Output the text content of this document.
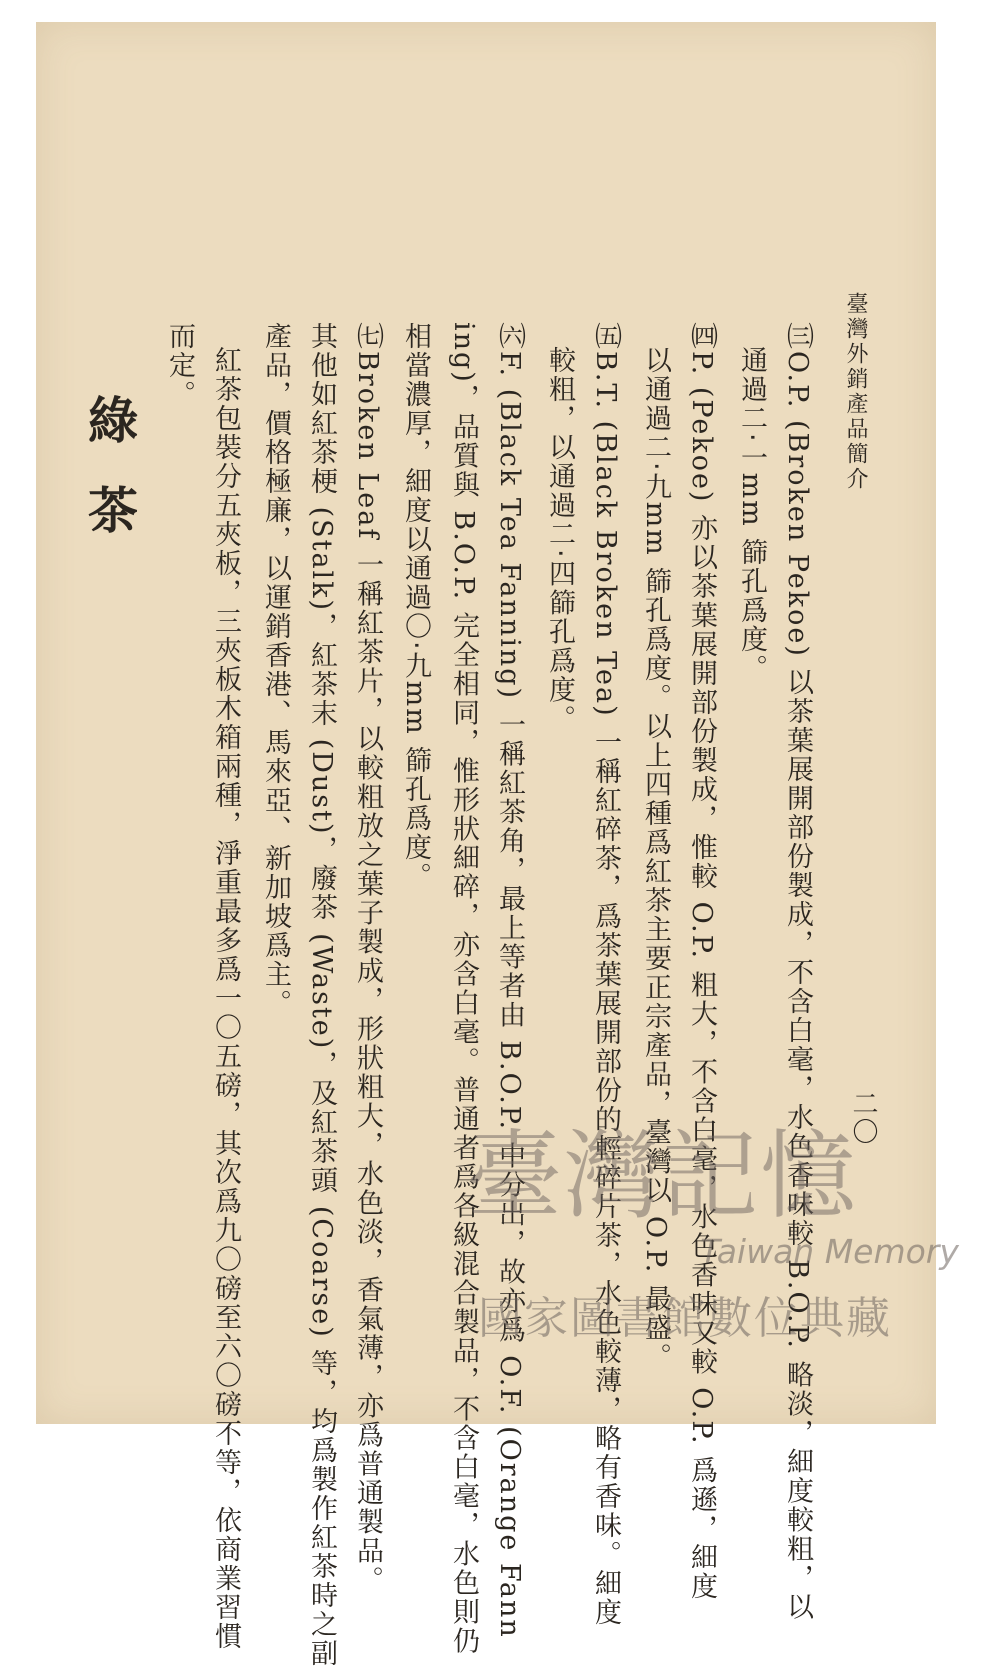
臺灣外銷產品簡介
二〇
㈢O.P. (Broken Pekoe) 以茶葉展開部份製成，不含白毫，水色香味較 B.O.P. 略淡，細度較粗，以
通過二‧一mm 篩孔爲度。
㈣P. (Pekoe) 亦以茶葉展開部份製成，惟較 O.P. 粗大，不含白毫，水色香味又較 O.P. 爲遜，細度
以通過二‧九mm 篩孔爲度。以上四種爲紅茶主要正宗產品，臺灣以 O.P. 最盛。
㈤B.T. (Black Broken Tea) 一稱紅碎茶，爲茶葉展開部份的輕碎片茶，水色較薄，略有香味。細度
較粗，以通過二‧四篩孔爲度。
㈥F. (Black Tea Fanning) 一稱紅茶角，最上等者由 B.O.P. 中分出，故亦爲 O.F. (Orange Fann
ing)，品質與 B.O.P. 完全相同，惟形狀細碎，亦含白毫。普通者爲各級混合製品，不含白毫，水色則仍
相當濃厚，細度以通過〇‧九mm 篩孔爲度。
㈦Broken Leaf 一稱紅茶片，以較粗放之葉子製成，形狀粗大，水色淡，香氣薄，亦爲普通製品。
其他如紅茶梗 (Stalk)，紅茶末 (Dust)，廢茶 (Waste)，及紅茶頭 (Coarse) 等，均爲製作紅茶時之副
產品，價格極廉，以運銷香港、馬來亞、新加坡爲主。
紅茶包裝分五夾板，三夾板木箱兩種，淨重最多爲一〇五磅，其次爲九〇磅至六〇磅不等，依商業習慣
而定。
綠茶
臺灣記憶
Taiwan Memory
國家圖書館數位典藏
